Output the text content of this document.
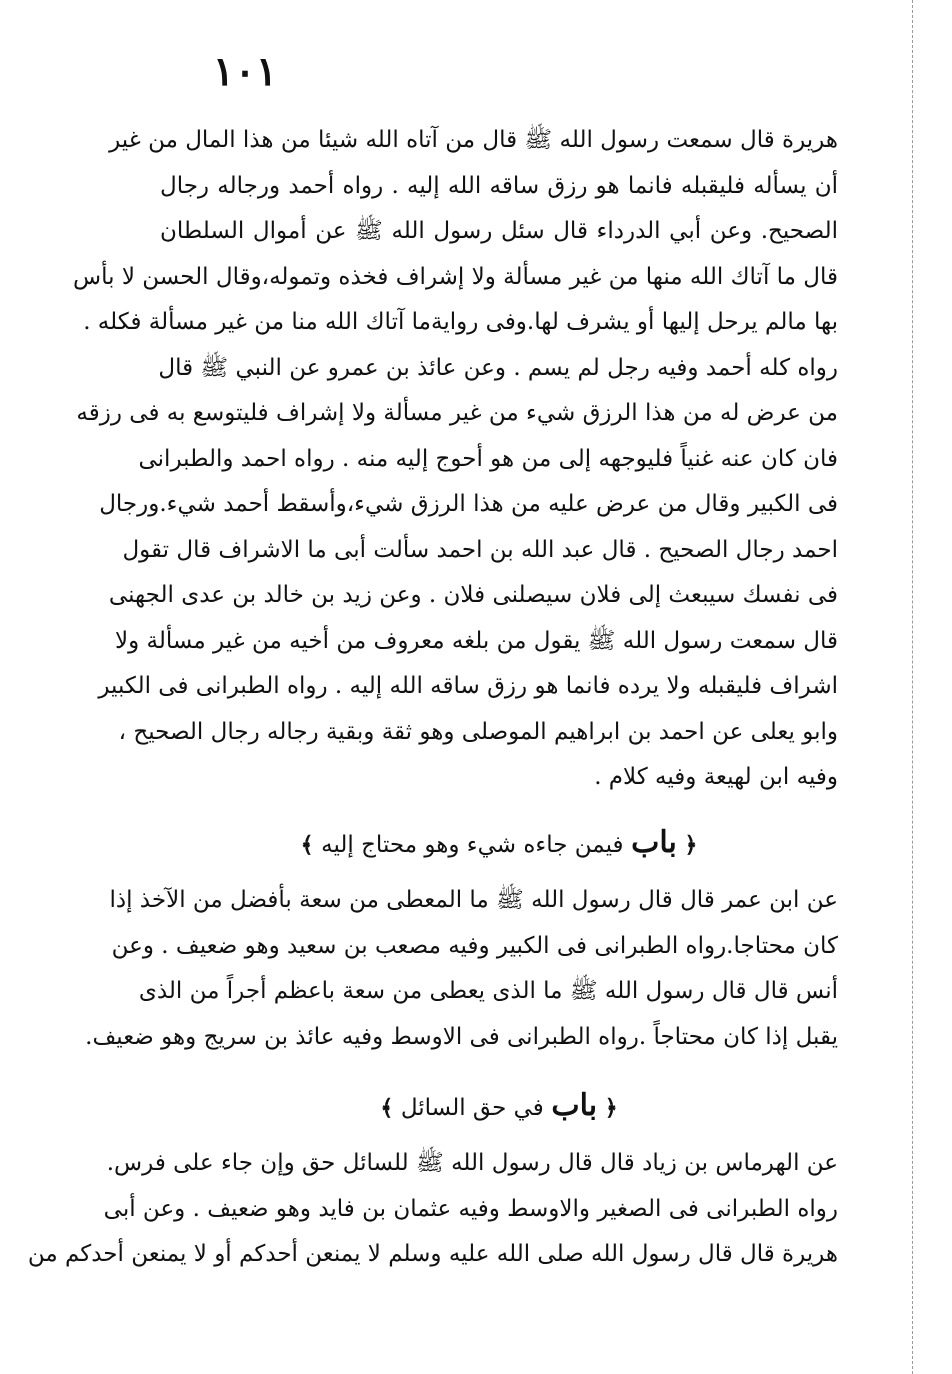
١٠١
هريرة قال سمعت رسول الله ﷺ قال من آتاه الله شيئا من هذا المال من غير
أن يسأله فليقبله فانما هو رزق ساقه الله إليه . رواه أحمد ورجاله رجال
الصحيح. وعن أبي الدرداء قال سئل رسول الله ﷺ عن أموال السلطان
قال ما آتاك الله منها من غير مسألة ولا إشراف فخذه وتموله،وقال الحسن لا بأس
بها مالم يرحل إليها أو يشرف لها.وفى روايةما آتاك الله منا من غير مسألة فكله .
رواه كله أحمد وفيه رجل لم يسم . وعن عائذ بن عمرو عن النبي ﷺ قال
من عرض له من هذا الرزق شيء من غير مسألة ولا إشراف فليتوسع به فى رزقه
فان كان عنه غنياً فليوجهه إلى من هو أحوج إليه منه . رواه احمد والطبرانى
فى الكبير وقال من عرض عليه من هذا الرزق شيء،وأسقط أحمد شيء.ورجال
احمد رجال الصحيح . قال عبد الله بن احمد سألت أبى ما الاشراف قال تقول
فى نفسك سيبعث إلى فلان سيصلنى فلان . وعن زيد بن خالد بن عدى الجهنى
قال سمعت رسول الله ﷺ يقول من بلغه معروف من أخيه من غير مسألة ولا
اشراف فليقبله ولا يرده فانما هو رزق ساقه الله إليه . رواه الطبرانى فى الكبير
وابو يعلى عن احمد بن ابراهيم الموصلى وهو ثقة وبقية رجاله رجال الصحيح ،
وفيه ابن لهيعة وفيه كلام .
﴿ باب فيمن جاءه شيء وهو محتاج إليه ﴾
عن ابن عمر قال قال رسول الله ﷺ ما المعطى من سعة بأفضل من الآخذ إذا
كان محتاجا.رواه الطبرانى فى الكبير وفيه مصعب بن سعيد وهو ضعيف . وعن
أنس قال قال رسول الله ﷺ ما الذى يعطى من سعة باعظم أجراً من الذى
يقبل إذا كان محتاجاً .رواه الطبرانى فى الاوسط وفيه عائذ بن سريج وهو ضعيف.
﴿ باب في حق السائل ﴾
عن الهرماس بن زياد قال قال رسول الله ﷺ للسائل حق وإن جاء على فرس.
رواه الطبرانى فى الصغير والاوسط وفيه عثمان بن فايد وهو ضعيف . وعن أبى
هريرة قال قال رسول الله صلى الله عليه وسلم لا يمنعن أحدكم أو لا يمنعن أحدكم من
